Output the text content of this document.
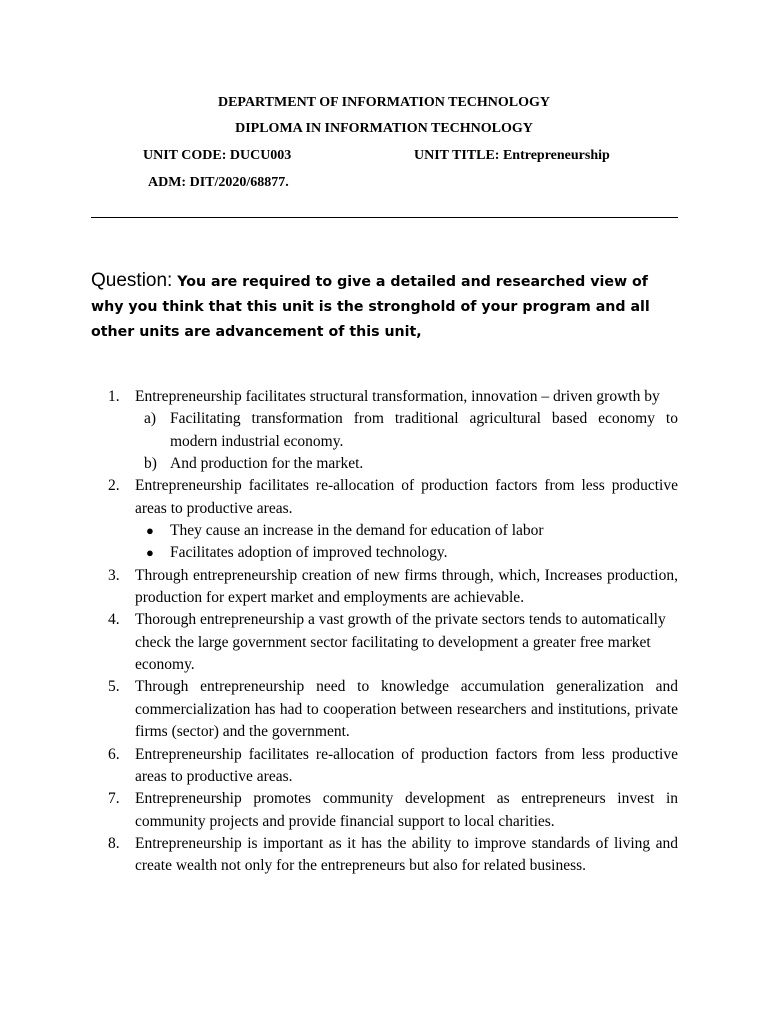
DEPARTMENT OF INFORMATION TECHNOLOGY
DIPLOMA IN INFORMATION TECHNOLOGY
UNIT CODE: DUCU003	UNIT TITLE: Entrepreneurship
ADM: DIT/2020/68877.
Question: You are required to give a detailed and researched view of why you think that this unit is the stronghold of your program and all other units are advancement of this unit,
1. Entrepreneurship facilitates structural transformation, innovation – driven growth by
a) Facilitating transformation from traditional agricultural based economy to modern industrial economy.
b) And production for the market.
2. Entrepreneurship facilitates re-allocation of production factors from less productive areas to productive areas.
● They cause an increase in the demand for education of labor
● Facilitates adoption of improved technology.
3. Through entrepreneurship creation of new firms through, which, Increases production, production for expert market and employments are achievable.
4. Thorough entrepreneurship a vast growth of the private sectors tends to automatically check the large government sector facilitating to development a greater free market economy.
5. Through entrepreneurship need to knowledge accumulation generalization and commercialization has had to cooperation between researchers and institutions, private firms (sector) and the government.
6. Entrepreneurship facilitates re-allocation of production factors from less productive areas to productive areas.
7. Entrepreneurship promotes community development as entrepreneurs invest in community projects and provide financial support to local charities.
8. Entrepreneurship is important as it has the ability to improve standards of living and create wealth not only for the entrepreneurs but also for related business.
